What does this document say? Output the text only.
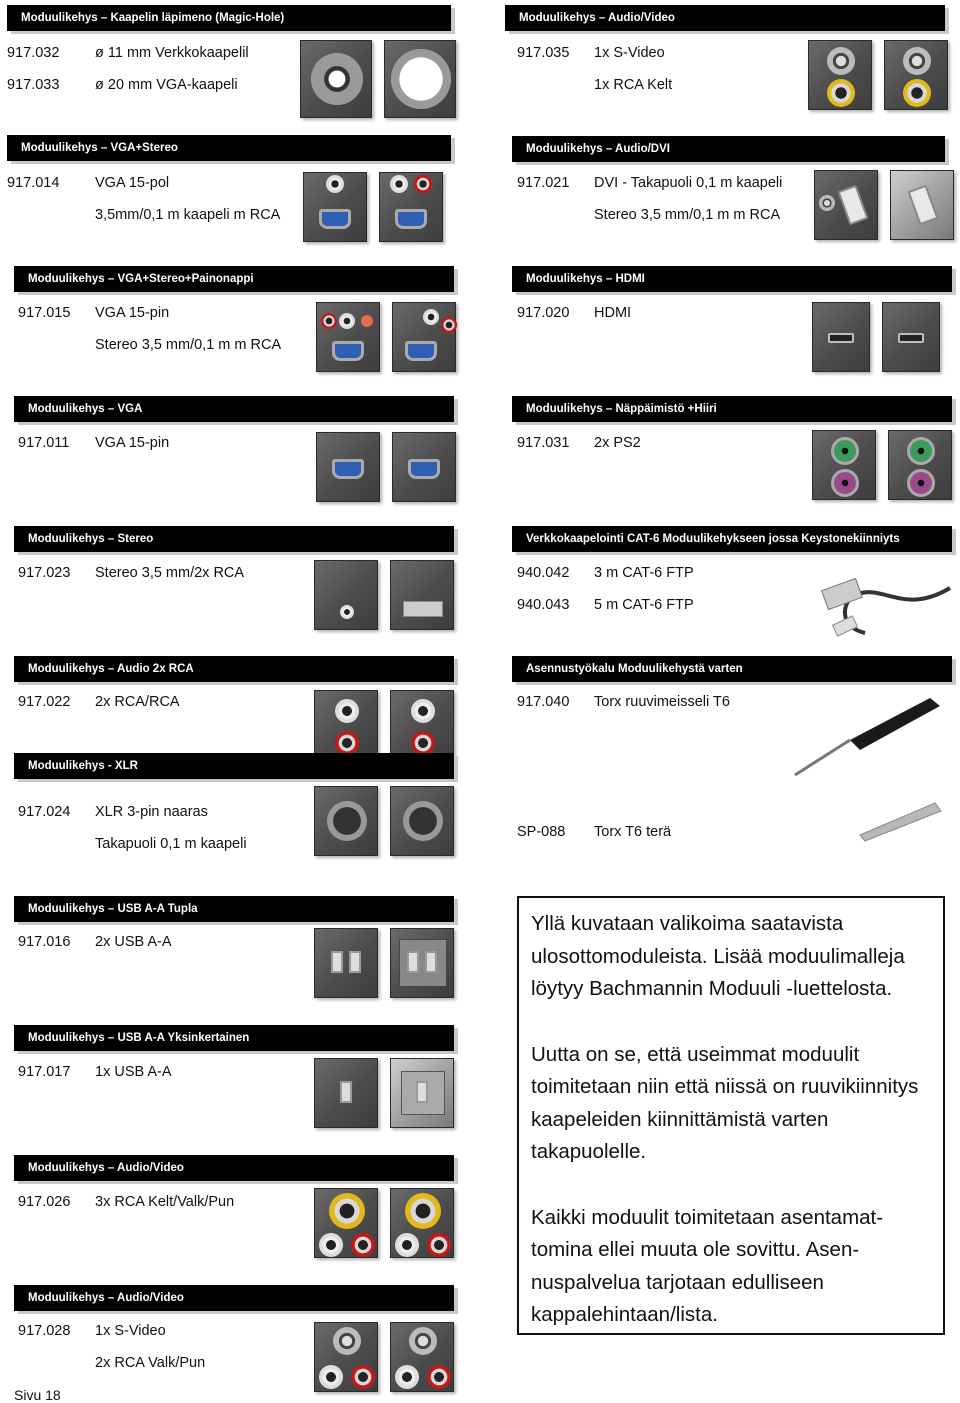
Moduulikehys – Kaapelin läpimeno (Magic-Hole)
917.032 ø 11 mm Verkkokaapelil
917.033 ø 20 mm VGA-kaapeli
Moduulikehys – Audio/Video
917.035 1x S-Video
1x RCA Kelt
Moduulikehys – VGA+Stereo
917.014 VGA 15-pol
3,5mm/0,1 m kaapeli m RCA
Moduulikehys – Audio/DVI
917.021 DVI - Takapuoli 0,1 m kaapeli
Stereo 3,5 mm/0,1 m m RCA
Moduulikehys – VGA+Stereo+Painonappi
917.015 VGA 15-pin
Stereo 3,5 mm/0,1 m m RCA
Moduulikehys – HDMI
917.020 HDMI
Moduulikehys – VGA
917.011 VGA 15-pin
Moduulikehys – Näppäimistö +Hiiri
917.031 2x PS2
Moduulikehys – Stereo
917.023 Stereo 3,5 mm/2x RCA
Verkkokaapelointi CAT-6 Moduulikehykseen jossa Keystonekiinniyts
940.042 3 m CAT-6 FTP
940.043 5 m CAT-6 FTP
Moduulikehys – Audio 2x RCA
917.022 2x RCA/RCA
Asennustyökalu Moduulikehystä varten
917.040 Torx ruuvimeisseli T6
Moduulikehys - XLR
917.024 XLR 3-pin naaras
Takapuoli 0,1 m kaapeli
SP-088 Torx T6 terä
Moduulikehys – USB A-A Tupla
917.016 2x USB A-A
Moduulikehys – USB A-A Yksinkertainen
917.017 1x USB A-A
Moduulikehys – Audio/Video
917.026 3x RCA Kelt/Valk/Pun
Moduulikehys – Audio/Video
917.028 1x S-Video
2x RCA Valk/Pun

Yllä kuvataan valikoima saatavista ulosottomoduleista. Lisää moduulimalleja löytyy Bachmannin Moduuli -luettelosta.

Uutta on se, että useimmat moduulit toimitetaan niin että niissä on ruuvikiinnitys kaapeleiden kiinnittämistä varten takapuolelle.

Kaikki moduulit toimitetaan asentamat-tomina ellei muuta ole sovittu. Asen-nuspalvelua tarjotaan edulliseen kappalehintaan/lista.

Sivu 18
